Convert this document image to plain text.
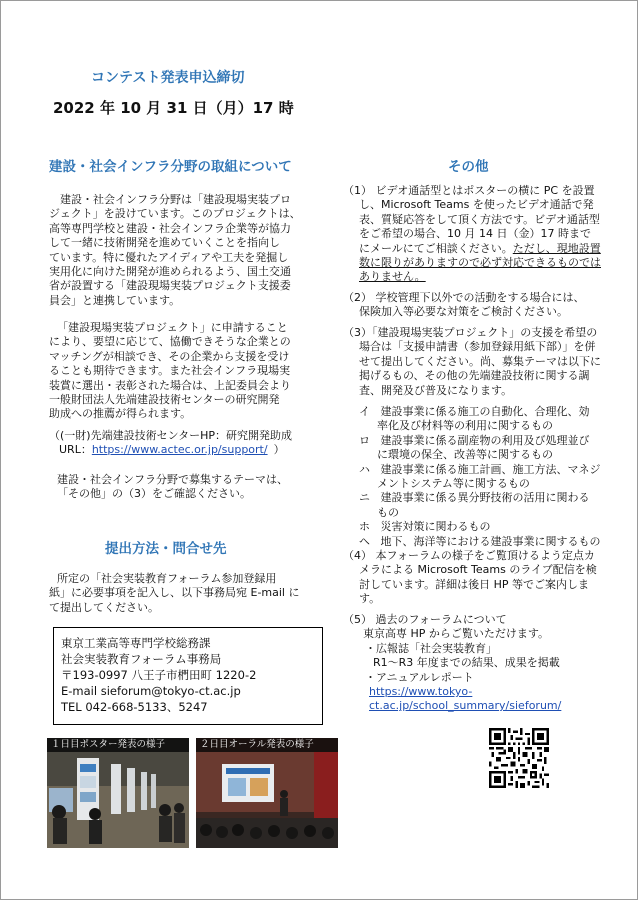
コンテスト発表申込締切
2022 年 10 月 31 日（月）17 時
建設・社会インフラ分野の取組について
建設・社会インフラ分野は「建設現場実装プロ
ジェクト」を設けています。このプロジェクトは、
高等専門学校と建設・社会インフラ企業等が協力
して一緒に技術開発を進めていくことを指向し
ています。特に優れたアイディアや工夫を発掘し
実用化に向けた開発が進められるよう、国土交通
省が設置する「建設現場実装プロジェクト支援委
員会」と連携しています。
「建設現場実装プロジェクト」に申請すること
により、要望に応じて、協働できそうな企業との
マッチングが相談でき、その企業から支援を受け
ることも期待できます。また社会インフラ現場実
装賞に選出・表彰された場合は、上記委員会より
一般財団法人先端建設技術センターの研究開発
助成への推薦が得られます。
（(一財)先端建設技術センターHP：研究開発助成
URL：https://www.actec.or.jp/support/ ）
建設・社会インフラ分野で募集するテーマは、
「その他」の（3）をご確認ください。
提出方法・問合せ先
所定の「社会実装教育フォーラム参加登録用
紙」に必要事項を記入し、以下事務局宛 E-mail に
て提出してください。
東京工業高等専門学校総務課
社会実装教育フォーラム事務局
〒193-0997 八王子市椚田町 1220-2
E-mail sieforum@tokyo-ct.ac.jp
TEL 042-668-5133、5247
１日目ポスター発表の様子	２日目オーラル発表の様子
その他
（1） ビデオ通話型とはポスターの横に PC を設置
し、Microsoft Teams を使ったビデオ通話で発
表、質疑応答をして頂く方法です。ビデオ通話型
をご希望の場合、10 月 14 日（金）17 時まで
にメールにてご相談ください。ただし、現地設置
数に限りがありますので必ず対応できるものでは
ありません。
（2） 学校管理下以外での活動をする場合には、
保険加入等必要な対策をご検討ください。
（3）「建設現場実装プロジェクト」の支援を希望の
場合は「支援申請書（参加登録用紙下部）」を併
せて提出してください。尚、募集テーマは以下に
掲げるもの、その他の先端建設技術に関する調
査、開発及び普及になります。
イ 建設事業に係る施工の自動化、合理化、効
率化及び材料等の利用に関するもの
ロ 建設事業に係る副産物の利用及び処理並び
に環境の保全、改善等に関するもの
ハ 建設事業に係る施工計画、施工方法、マネジ
メントシステム等に関するもの
ニ 建設事業に係る異分野技術の活用に関わる
もの
ホ 災害対策に関わるもの
ヘ 地下、海洋等における建設事業に関するもの
（4） 本フォーラムの様子をご覧頂けるよう定点カ
メラによる Microsoft Teams のライブ配信を検
討しています。詳細は後日 HP 等でご案内しま
す。
（5） 過去のフォーラムについて
東京高専 HP からご覧いただけます。
・広報誌「社会実装教育」
R1～R3 年度までの結果、成果を掲載
・アニュアルレポート
https://www.tokyo-
ct.ac.jp/school_summary/sieforum/
